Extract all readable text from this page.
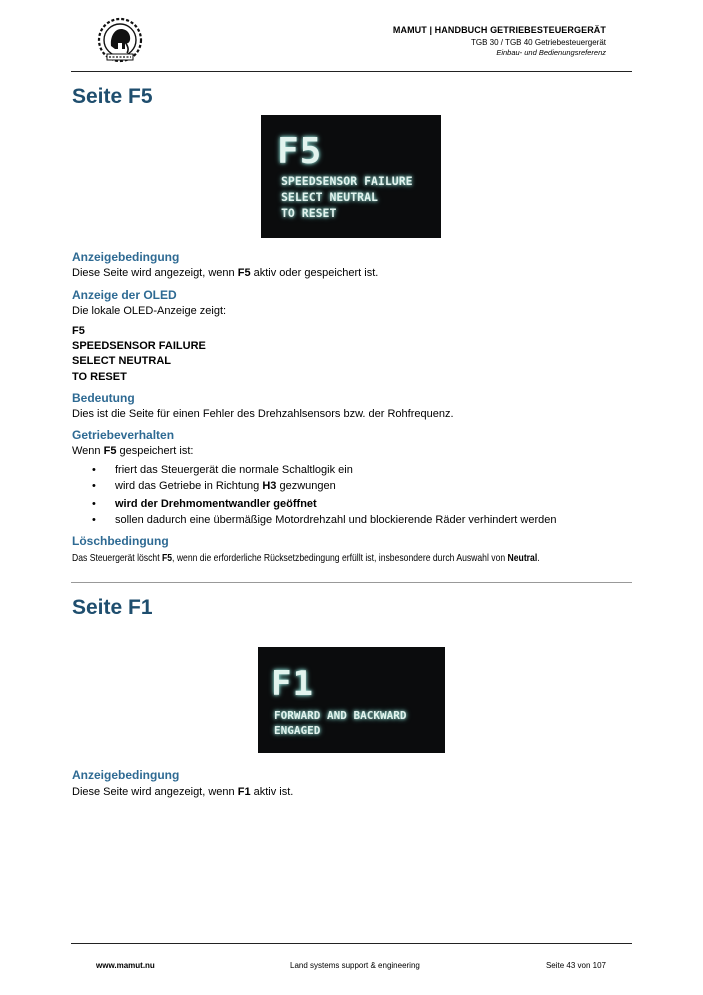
MAMUT | HANDBUCH GETRIEBESTEUERGERÄT
TGB 30 / TGB 40 Getriebesteuergerät
Einbau- und Bedienungsreferenz
Seite F5
F5
SPEEDSENSOR FAILURE
SELECT NEUTRAL
TO RESET
Anzeigebedingung
Diese Seite wird angezeigt, wenn F5 aktiv oder gespeichert ist.
Anzeige der OLED
Die lokale OLED-Anzeige zeigt:
F5
SPEEDSENSOR FAILURE
SELECT NEUTRAL
TO RESET
Bedeutung
Dies ist die Seite für einen Fehler des Drehzahlsensors bzw. der Rohfrequenz.
Getriebeverhalten
Wenn F5 gespeichert ist:
• friert das Steuergerät die normale Schaltlogik ein
• wird das Getriebe in Richtung H3 gezwungen
• wird der Drehmomentwandler geöffnet
• sollen dadurch eine übermäßige Motordrehzahl und blockierende Räder verhindert werden
Löschbedingung
Das Steuergerät löscht F5, wenn die erforderliche Rücksetzbedingung erfüllt ist, insbesondere durch Auswahl von Neutral.
Seite F1
F1
FORWARD AND BACKWARD
ENGAGED
Anzeigebedingung
Diese Seite wird angezeigt, wenn F1 aktiv ist.
www.mamut.nu	Land systems support & engineering	Seite 43 von 107
